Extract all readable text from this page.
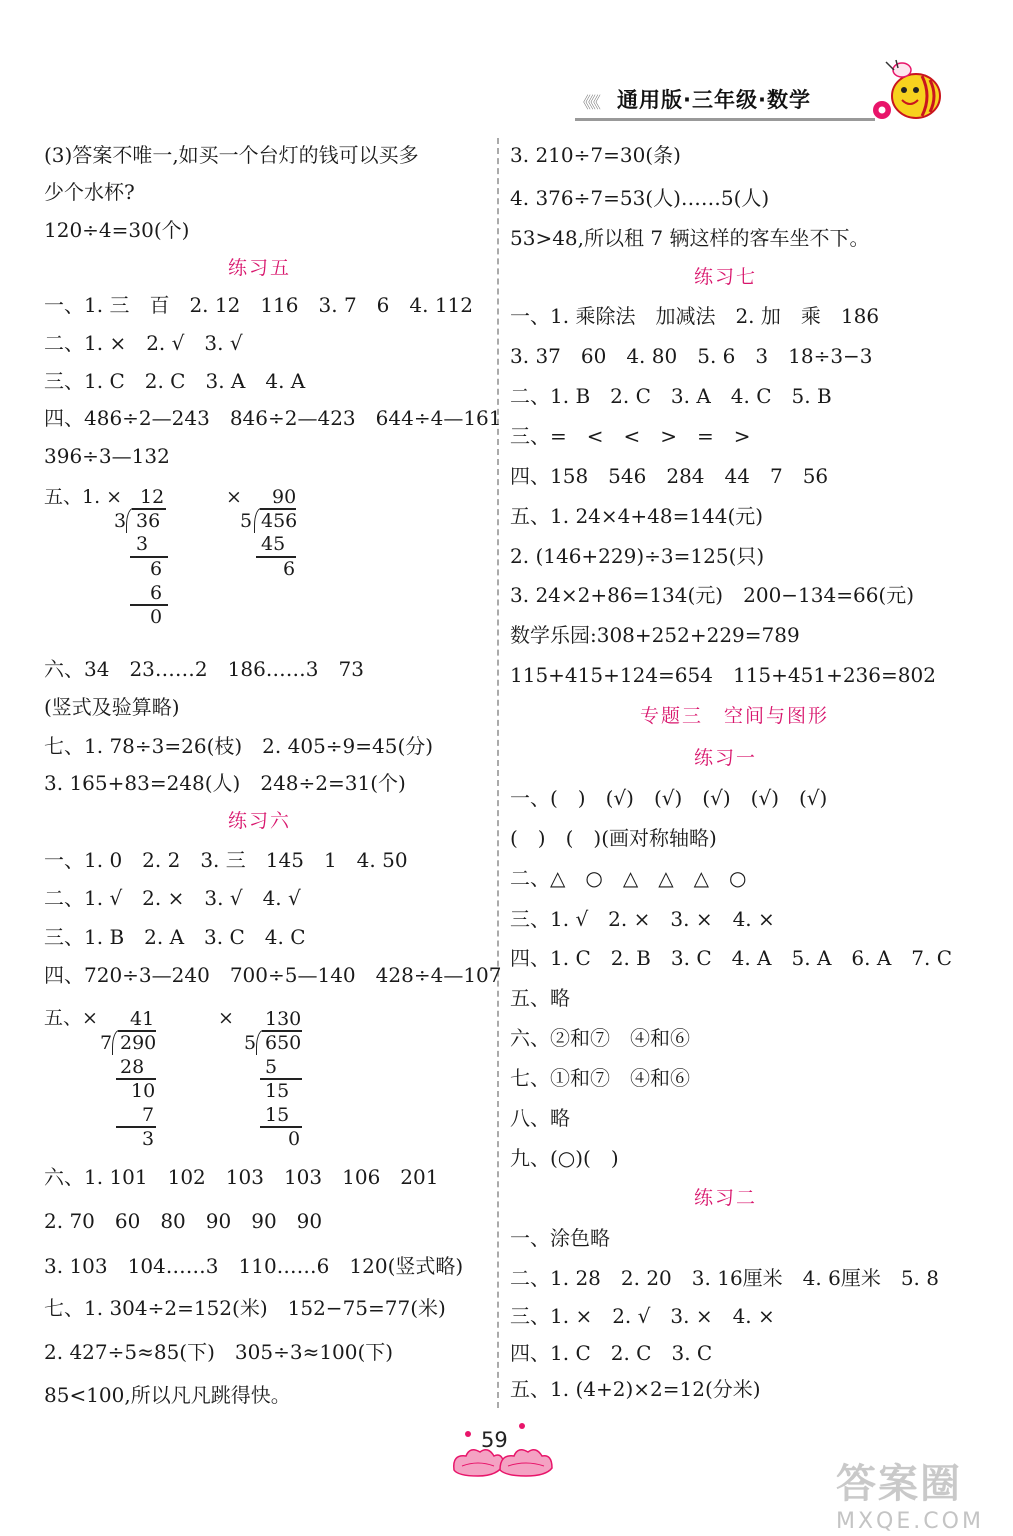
《《《 通用版·三年级·数学
(3)答案不唯一,如买一个台灯的钱可以买多
少个水杯?
120÷4=30(个)
练习五
一、1. 三　百　2. 12　116　3. 7　6　4. 112
二、1. ×　2. √　3. √
三、1. C　2. C　3. A　4. A
四、486÷2—243　846÷2—423　644÷4—161
396÷3—132
五、1. × 12
3 36
3
6
6
0
× 90
5 456
45
6
六、34　23……2　186……3　73
(竖式及验算略)
七、1. 78÷3=26(枝)　2. 405÷9=45(分)
3. 165+83=248(人)　248÷2=31(个)
练习六
一、1. 0　2. 2　3. 三　145　1　4. 50
二、1. √　2. ×　3. √　4. √
三、1. B　2. A　3. C　4. C
四、720÷3—240　700÷5—140　428÷4—107
五、× 41
7 290
28
10
7
3
× 130
5 650
5
15
15
0
六、1. 101　102　103　103　106　201
2. 70　60　80　90　90　90
3. 103　104……3　110……6　120(竖式略)
七、1. 304÷2=152(米)　152−75=77(米)
2. 427÷5≈85(下)　305÷3≈100(下)
85<100,所以凡凡跳得快。
3. 210÷7=30(条)
4. 376÷7=53(人)……5(人)
53>48,所以租 7 辆这样的客车坐不下。
练习七
一、1. 乘除法　加减法　2. 加　乘　186
3. 37　60　4. 80　5. 6　3　18÷3−3
二、1. B　2. C　3. A　4. C　5. B
三、=　<　<　>　=　>
四、158　546　284　44　7　56
五、1. 24×4+48=144(元)
2. (146+229)÷3=125(只)
3. 24×2+86=134(元)　200−134=66(元)
数学乐园:308+252+229=789
115+415+124=654　115+451+236=802
专题三　空间与图形
练习一
一、(　)　(√)　(√)　(√)　(√)　(√)
(　)　(　)(画对称轴略)
二、△　○　△　△　△　○
三、1. √　2. ×　3. ×　4. ×
四、1. C　2. B　3. C　4. A　5. A　6. A　7. C
五、略
六、②和⑦　④和⑥
七、①和⑦　④和⑥
八、略
九、(○)(　)
练习二
一、涂色略
二、1. 28　2. 20　3. 16厘米　4. 6厘米　5. 8
三、1. ×　2. √　3. ×　4. ×
四、1. C　2. C　3. C
五、1. (4+2)×2=12(分米)
59
答案圈
MXQE.COM
